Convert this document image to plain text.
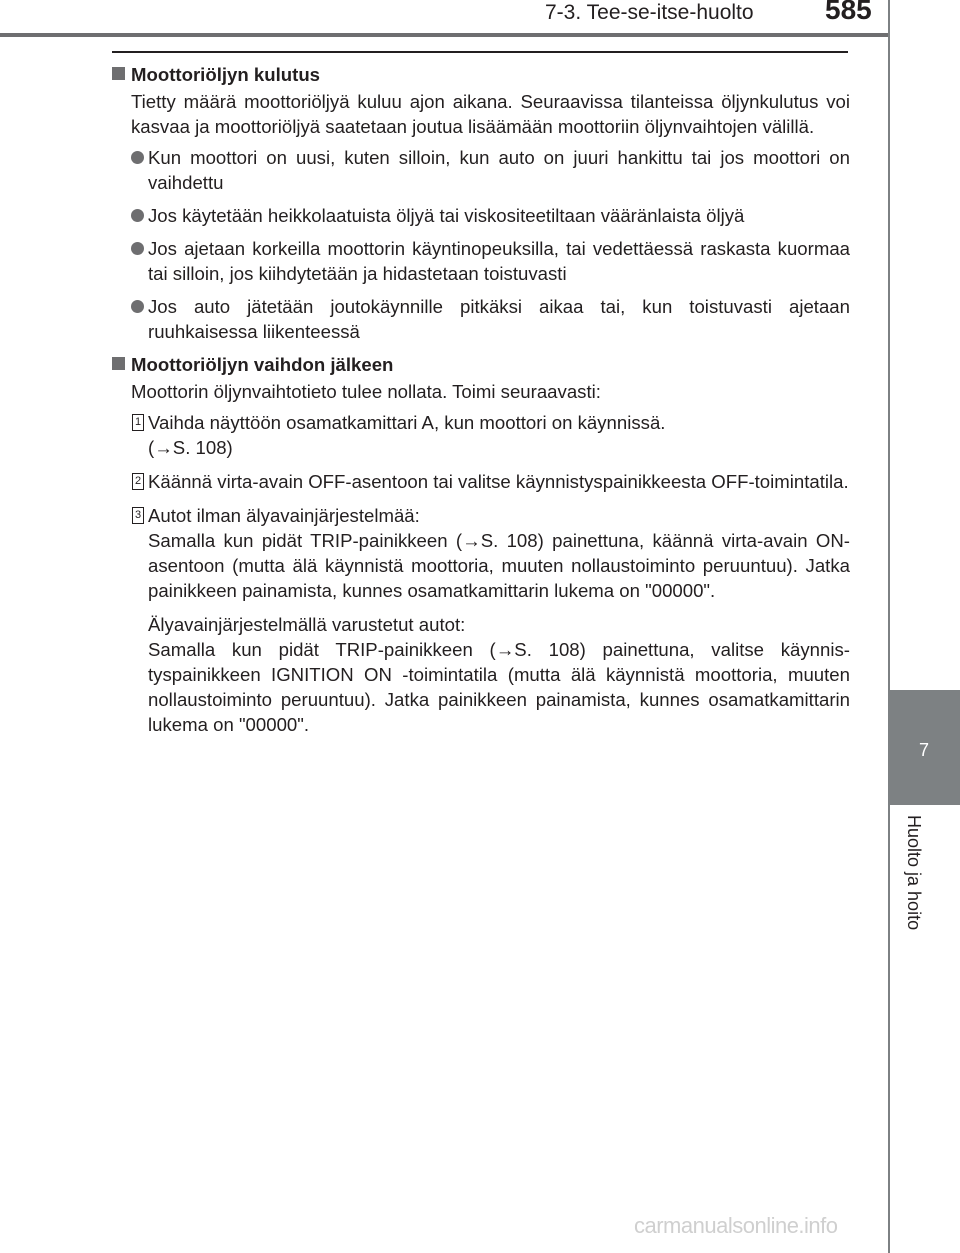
7-3. Tee-se-itse-huolto	585
7
Huolto ja hoito
Moottoriöljyn kulutus
Tietty määrä moottoriöljyä kuluu ajon aikana. Seuraavissa tilanteissa öljynkulutus voi kasvaa ja moottoriöljyä saatetaan joutua lisäämään moottoriin öljynvaihtojen välillä.
Kun moottori on uusi, kuten silloin, kun auto on juuri hankittu tai jos moottori on vaihdettu
Jos käytetään heikkolaatuista öljyä tai viskositeetiltaan vääränlaista öljyä
Jos ajetaan korkeilla moottorin käyntinopeuksilla, tai vedettäessä raskasta kuormaa tai silloin, jos kiihdytetään ja hidastetaan toistuvasti
Jos auto jätetään joutokäynnille pitkäksi aikaa tai, kun toistuvasti ajetaan ruuhkaisessa liikenteessä
Moottoriöljyn vaihdon jälkeen
Moottorin öljynvaihtotieto tulee nollata. Toimi seuraavasti:
1 Vaihda näyttöön osamatkamittari A, kun moottori on käynnissä.
(→S. 108)
2 Käännä virta-avain OFF-asentoon tai valitse käynnistyspainikkeesta OFF-toimintatila.
3 Autot ilman älyavainjärjestelmää:

Samalla kun pidät TRIP-painikkeen (→S. 108) painettuna, käännä virta-avain ON-asentoon (mutta älä käynnistä moottoria, muuten nollaustoiminto peruuntuu). Jatka painikkeen painamista, kunnes osamatkamittarin lukema on "00000".

Älyavainjärjestelmällä varustetut autot:
Samalla kun pidät TRIP-painikkeen (→S. 108) painettuna, valitse käynnistyspainikkeen IGNITION ON -toimintatila (mutta älä käynnistä moottoria, muuten nollaustoiminto peruuntuu). Jatka painikkeen painamista, kunnes osamatkamittarin lukema on "00000".
carmanualsonline.info
